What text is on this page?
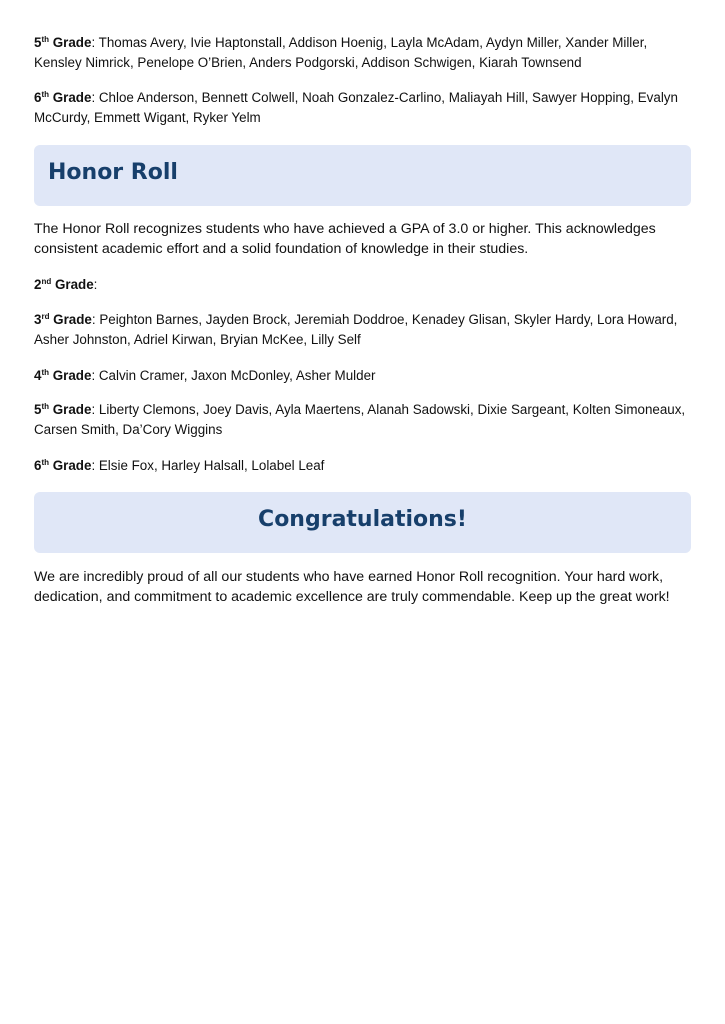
5th Grade: Thomas Avery, Ivie Haptonstall, Addison Hoenig, Layla McAdam, Aydyn Miller, Xander Miller, Kensley Nimrick, Penelope O’Brien, Anders Podgorski, Addison Schwigen, Kiarah Townsend

6th Grade: Chloe Anderson, Bennett Colwell, Noah Gonzalez-Carlino, Maliayah Hill, Sawyer Hopping, Evalyn McCurdy, Emmett Wigant, Ryker Yelm

Honor Roll

The Honor Roll recognizes students who have achieved a GPA of 3.0 or higher. This acknowledges consistent academic effort and a solid foundation of knowledge in their studies.

2nd Grade:

3rd Grade: Peighton Barnes, Jayden Brock, Jeremiah Doddroe, Kenadey Glisan, Skyler Hardy, Lora Howard, Asher Johnston, Adriel Kirwan, Bryian McKee, Lilly Self

4th Grade: Calvin Cramer, Jaxon McDonley, Asher Mulder

5th Grade: Liberty Clemons, Joey Davis, Ayla Maertens, Alanah Sadowski, Dixie Sargeant, Kolten Simoneaux, Carsen Smith, Da’Cory Wiggins

6th Grade: Elsie Fox, Harley Halsall, Lolabel Leaf

Congratulations!

We are incredibly proud of all our students who have earned Honor Roll recognition. Your hard work, dedication, and commitment to academic excellence are truly commendable. Keep up the great work!
